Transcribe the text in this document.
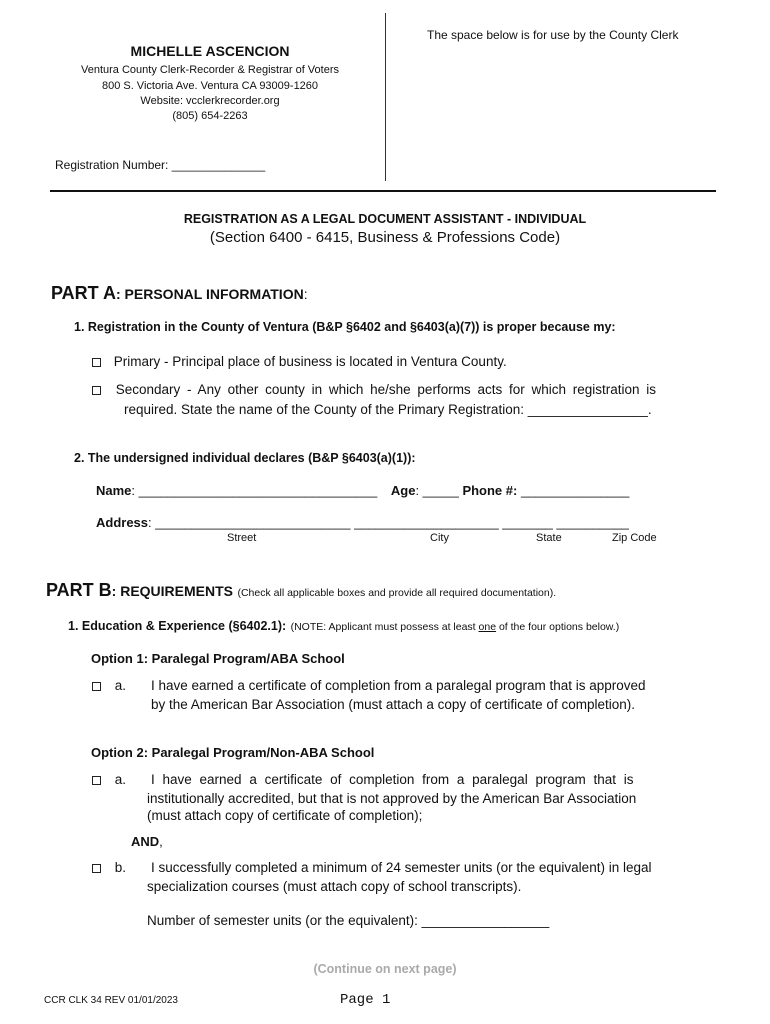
The space below is for use by the County Clerk
MICHELLE ASCENCION
Ventura County Clerk-Recorder & Registrar of Voters
800 S. Victoria Ave. Ventura CA 93009-1260
Website: vcclerkrecorder.org
(805) 654-2263
Registration Number: ______________
REGISTRATION AS A LEGAL DOCUMENT ASSISTANT - INDIVIDUAL
(Section 6400 - 6415, Business & Professions Code)
PART A: PERSONAL INFORMATION:
1. Registration in the County of Ventura (B&P §6402 and §6403(a)(7)) is proper because my:
Primary - Principal place of business is located in Ventura County.
Secondary - Any other county in which he/she performs acts for which registration is
required. State the name of the County of the Primary Registration: ________________.
2. The undersigned individual declares (B&P §6403(a)(1)):
Name: _________________________________ Age: _____ Phone #: _______________
Address: ___________________________ ____________________ _______ __________
Street	City	State	Zip Code
PART B: REQUIREMENTS (Check all applicable boxes and provide all required documentation).
1. Education & Experience (§6402.1): (NOTE: Applicant must possess at least one of the four options below.)
Option 1: Paralegal Program/ABA School
a. I have earned a certificate of completion from a paralegal program that is approved
by the American Bar Association (must attach a copy of certificate of completion).
Option 2: Paralegal Program/Non-ABA School
a. I have earned a certificate of completion from a paralegal program that is
institutionally accredited, but that is not approved by the American Bar Association
(must attach copy of certificate of completion);
AND,
b. I successfully completed a minimum of 24 semester units (or the equivalent) in legal
specialization courses (must attach copy of school transcripts).
Number of semester units (or the equivalent): _________________
(Continue on next page)
CCR CLK 34 REV 01/01/2023	Page 1
